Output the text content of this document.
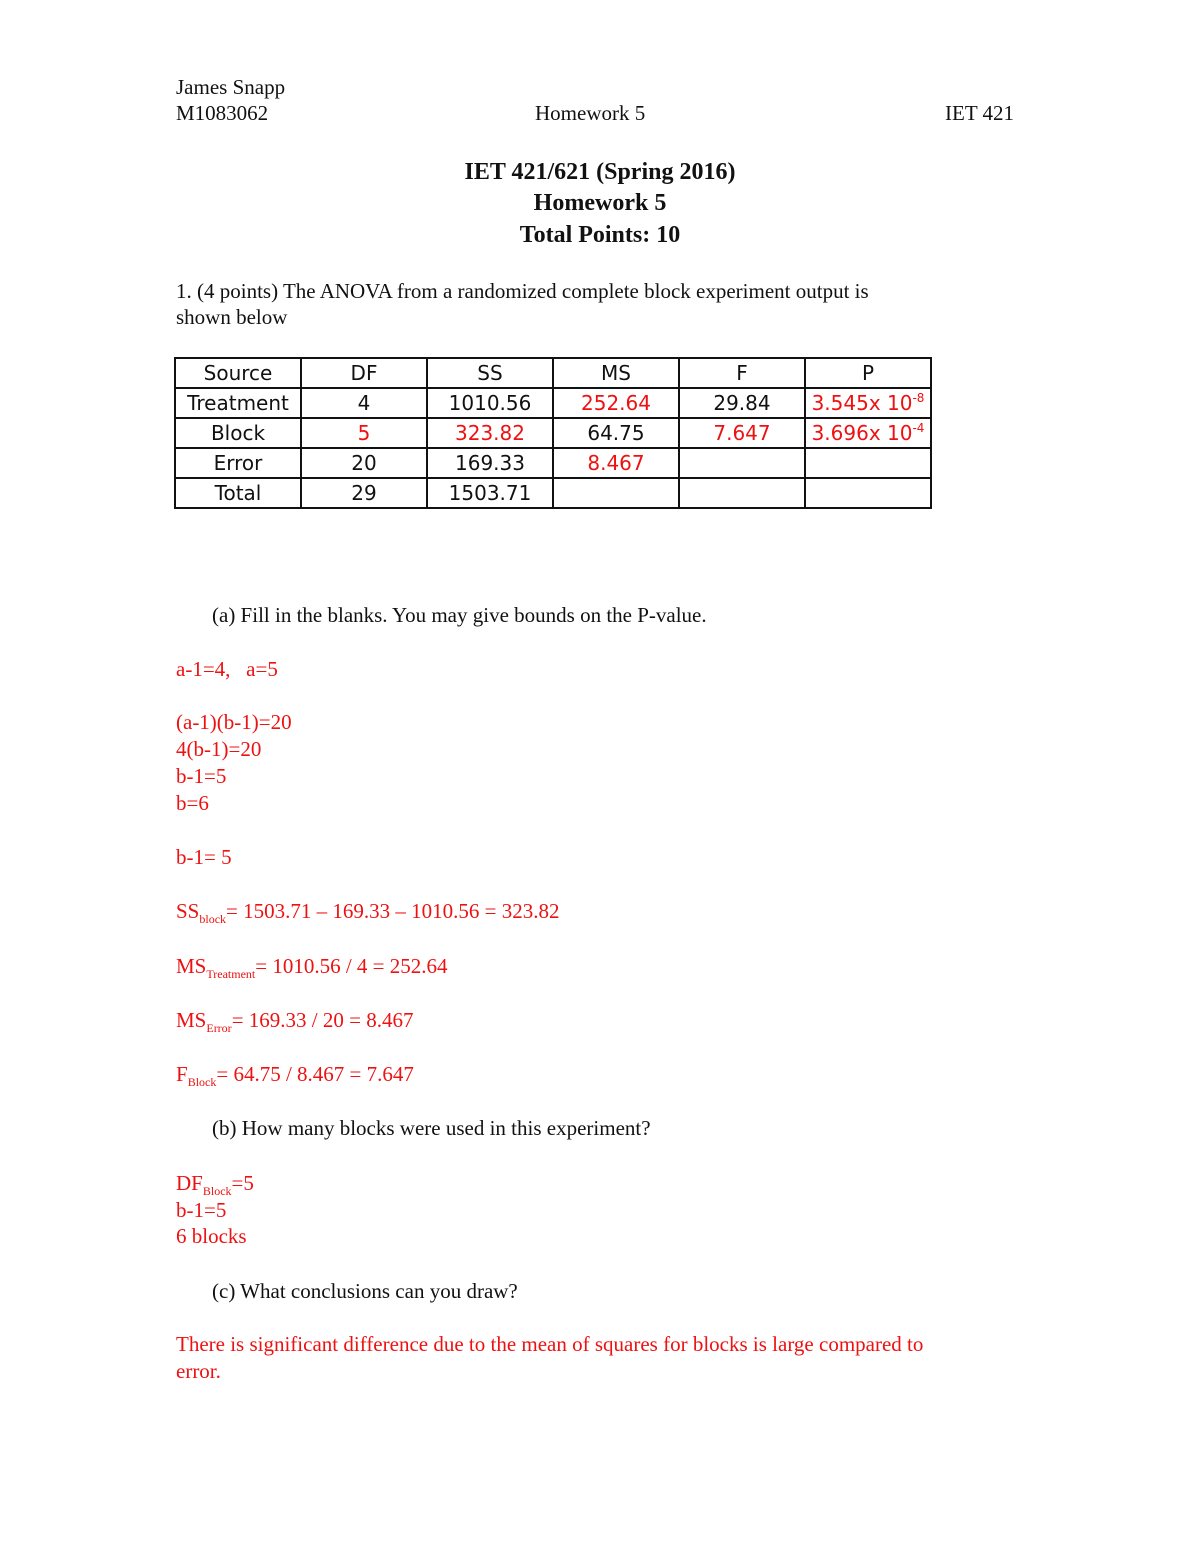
James Snapp
M1083062	Homework 5	IET 421
IET 421/621 (Spring 2016)
Homework 5
Total Points: 10
1. (4 points) The ANOVA from a randomized complete block experiment output is
shown below
Source	DF	SS	MS	F	P
Treatment	4	1010.56	252.64	29.84	3.545x $10^{-8}$
Block	5	323.82	64.75	7.647	3.696x $10^{-4}$
Error	20	169.33	8.467		
Total	29	1503.71			
(a) Fill in the blanks. You may give bounds on the P-value.
a-1=4,   a=5
(a-1)(b-1)=20
4(b-1)=20
b-1=5
b=6
b-1= 5
$SS_{block}= 1503.71 - 169.33 - 1010.56 = 323.82$
$MS_{Treatment}= 1010.56 / 4 = 252.64$
$MS_{Error}= 169.33 / 20 = 8.467$
$F_{Block}= 64.75 / 8.467 = 7.647$
(b) How many blocks were used in this experiment?
$DF_{Block}=5$
b-1=5
6 blocks
(c) What conclusions can you draw?
There is significant difference due to the mean of squares for blocks is large compared to
error.
